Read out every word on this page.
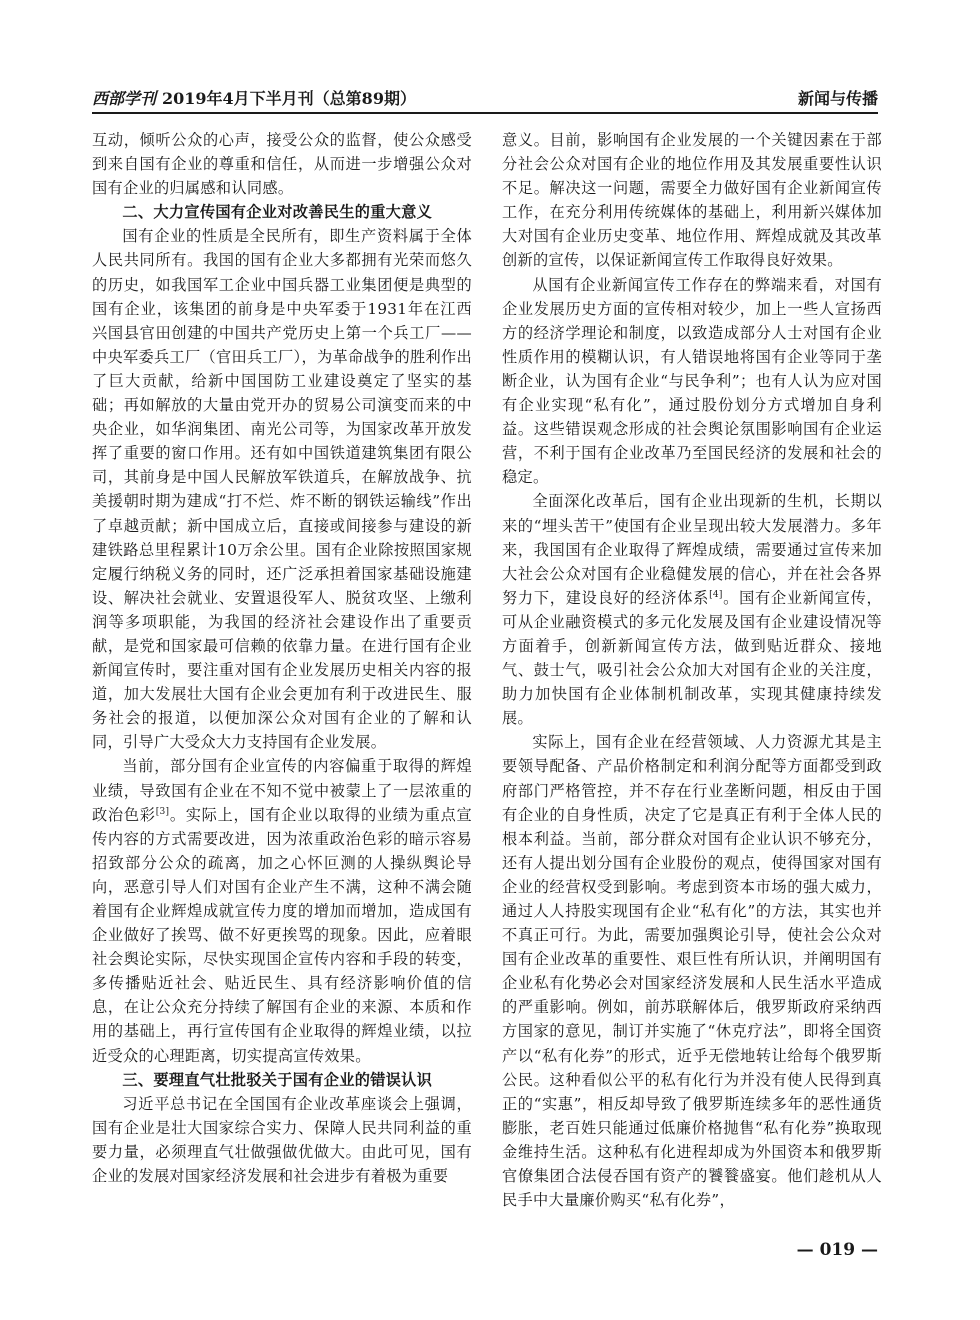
西部学刊 2019年4月下半月刊（总第89期）	新闻与传播

互动，倾听公众的心声，接受公众的监督，使公众感受到来自国有企业的尊重和信任，从而进一步增强公众对国有企业的归属感和认同感。

二、大力宣传国有企业对改善民生的重大意义

国有企业的性质是全民所有，即生产资料属于全体人民共同所有。我国的国有企业大多都拥有光荣而悠久的历史，如我国军工企业中国兵器工业集团便是典型的国有企业，该集团的前身是中央军委于1931年在江西兴国县官田创建的中国共产党历史上第一个兵工厂——中央军委兵工厂（官田兵工厂），为革命战争的胜利作出了巨大贡献，给新中国国防工业建设奠定了坚实的基础；再如解放的大量由党开办的贸易公司演变而来的中央企业，如华润集团、南光公司等，为国家改革开放发挥了重要的窗口作用。还有如中国铁道建筑集团有限公司，其前身是中国人民解放军铁道兵，在解放战争、抗美援朝时期为建成“打不烂、炸不断的钢铁运输线”作出了卓越贡献；新中国成立后，直接或间接参与建设的新建铁路总里程累计10万余公里。国有企业除按照国家规定履行纳税义务的同时，还广泛承担着国家基础设施建设、解决社会就业、安置退役军人、脱贫攻坚、上缴利润等多项职能，为我国的经济社会建设作出了重要贡献，是党和国家最可信赖的依靠力量。在进行国有企业新闻宣传时，要注重对国有企业发展历史相关内容的报道，加大发展壮大国有企业会更加有利于改进民生、服务社会的报道，以便加深公众对国有企业的了解和认同，引导广大受众大力支持国有企业发展。

当前，部分国有企业宣传的内容偏重于取得的辉煌业绩，导致国有企业在不知不觉中被蒙上了一层浓重的政治色彩[3]。实际上，国有企业以取得的业绩为重点宣传内容的方式需要改进，因为浓重政治色彩的暗示容易招致部分公众的疏离，加之心怀叵测的人操纵舆论导向，恶意引导人们对国有企业产生不满，这种不满会随着国有企业辉煌成就宣传力度的增加而增加，造成国有企业做好了挨骂、做不好更挨骂的现象。因此，应着眼社会舆论实际，尽快实现国企宣传内容和手段的转变，多传播贴近社会、贴近民生、具有经济影响价值的信息，在让公众充分持续了解国有企业的来源、本质和作用的基础上，再行宣传国有企业取得的辉煌业绩，以拉近受众的心理距离，切实提高宣传效果。

三、要理直气壮批驳关于国有企业的错误认识

习近平总书记在全国国有企业改革座谈会上强调，国有企业是壮大国家综合实力、保障人民共同利益的重要力量，必须理直气壮做强做优做大。由此可见，国有企业的发展对国家经济发展和社会进步有着极为重要

意义。目前，影响国有企业发展的一个关键因素在于部分社会公众对国有企业的地位作用及其发展重要性认识不足。解决这一问题，需要全力做好国有企业新闻宣传工作，在充分利用传统媒体的基础上，利用新兴媒体加大对国有企业历史变革、地位作用、辉煌成就及其改革创新的宣传，以保证新闻宣传工作取得良好效果。

从国有企业新闻宣传工作存在的弊端来看，对国有企业发展历史方面的宣传相对较少，加上一些人宣扬西方的经济学理论和制度，以致造成部分人士对国有企业性质作用的模糊认识，有人错误地将国有企业等同于垄断企业，认为国有企业“与民争利”；也有人认为应对国有企业实现“私有化”，通过股份划分方式增加自身利益。这些错误观念形成的社会舆论氛围影响国有企业运营，不利于国有企业改革乃至国民经济的发展和社会的稳定。

全面深化改革后，国有企业出现新的生机，长期以来的“埋头苦干”使国有企业呈现出较大发展潜力。多年来，我国国有企业取得了辉煌成绩，需要通过宣传来加大社会公众对国有企业稳健发展的信心，并在社会各界努力下，建设良好的经济体系[4]。国有企业新闻宣传，可从企业融资模式的多元化发展及国有企业建设情况等方面着手，创新新闻宣传方法，做到贴近群众、接地气、鼓士气，吸引社会公众加大对国有企业的关注度，助力加快国有企业体制机制改革，实现其健康持续发展。

实际上，国有企业在经营领域、人力资源尤其是主要领导配备、产品价格制定和利润分配等方面都受到政府部门严格管控，并不存在行业垄断问题，相反由于国有企业的自身性质，决定了它是真正有利于全体人民的根本利益。当前，部分群众对国有企业认识不够充分，还有人提出划分国有企业股份的观点，使得国家对国有企业的经营权受到影响。考虑到资本市场的强大威力，通过人人持股实现国有企业“私有化”的方法，其实也并不真正可行。为此，需要加强舆论引导，使社会公众对国有企业改革的重要性、艰巨性有所认识，并阐明国有企业私有化势必会对国家经济发展和人民生活水平造成的严重影响。例如，前苏联解体后，俄罗斯政府采纳西方国家的意见，制订并实施了“休克疗法”，即将全国资产以“私有化券”的形式，近乎无偿地转让给每个俄罗斯公民。这种看似公平的私有化行为并没有使人民得到真正的“实惠”，相反却导致了俄罗斯连续多年的恶性通货膨胀，老百姓只能通过低廉价格抛售“私有化券”换取现金维持生活。这种私有化进程却成为外国资本和俄罗斯官僚集团合法侵吞国有资产的饕餮盛宴。他们趁机从人民手中大量廉价购买“私有化券”，

— 019 —
